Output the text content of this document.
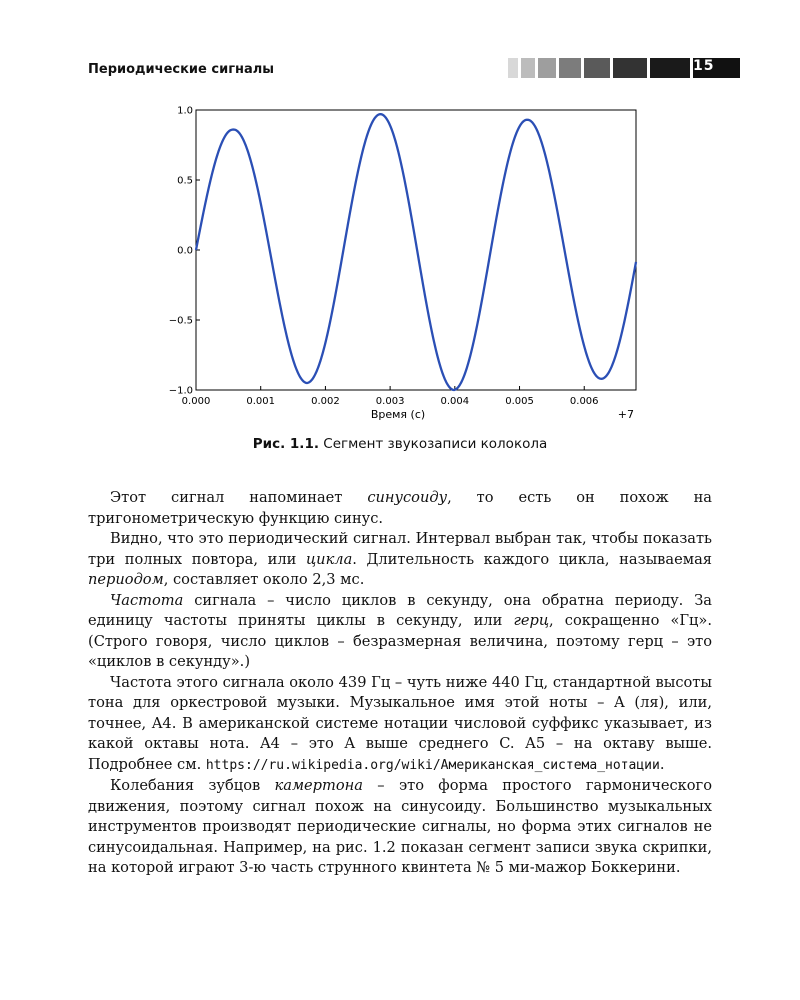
Периодические сигналы	15
0.000	0.001	0.002	0.003	0.004	0.005	0.006
1.0
0.5
0.0
−0.5
−1.0
+7
Время (с)
Рис. 1.1. Сегмент звукозаписи колокола

Этот сигнал напоминает синусоиду, то есть он похож на тригонометрическую функцию синус.

Видно, что это периодический сигнал. Интервал выбран так, чтобы показать три полных повтора, или цикла. Длительность каждого цикла, называемая периодом, составляет около 2,3 мс.

Частота сигнала – число циклов в секунду, она обратна периоду. За единицу частоты приняты циклы в секунду, или герц, сокращенно «Гц». (Строго говоря, число циклов – безразмерная величина, поэтому герц – это «циклов в секунду».)

Частота этого сигнала около 439 Гц – чуть ниже 440 Гц, стандартной высоты тона для оркестровой музыки. Музыкальное имя этой ноты – A (ля), или, точнее, A4. В американской системе нотации числовой суффикс указывает, из какой октавы нота. A4 – это A выше среднего C. A5 – на октаву выше. Подробнее см. https://ru.wikipedia.org/wiki/Американская_система_нотации.

Колебания зубцов камертона – это форма простого гармонического движения, поэтому сигнал похож на синусоиду. Большинство музыкальных инструментов производят периодические сигналы, но форма этих сигналов не синусоидальная. Например, на рис. 1.2 показан сегмент записи звука скрипки, на которой играют 3-ю часть струнного квинтета № 5 ми-мажор Боккерини.
